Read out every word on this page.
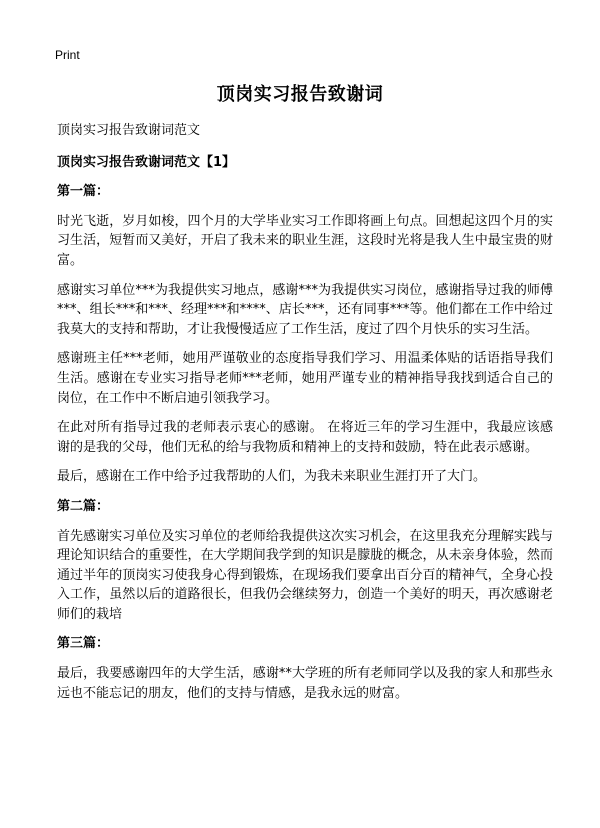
Print
顶岗实习报告致谢词

顶岗实习报告致谢词范文

顶岗实习报告致谢词范文【1】

第一篇：

时光飞逝，岁月如梭，四个月的大学毕业实习工作即将画上句点。回想起这四个月的实习生活，短暂而又美好，开启了我未来的职业生涯，这段时光将是我人生中最宝贵的财富。

感谢实习单位***为我提供实习地点，感谢***为我提供实习岗位，感谢指导过我的师傅***、组长***和***、经理***和****、店长***，还有同事***等。他们都在工作中给过我莫大的支持和帮助，才让我慢慢适应了工作生活，度过了四个月快乐的实习生活。

感谢班主任***老师，她用严谨敬业的态度指导我们学习、用温柔体贴的话语指导我们生活。感谢在专业实习指导老师***老师，她用严谨专业的精神指导我找到适合自己的岗位，在工作中不断启迪引领我学习。

在此对所有指导过我的老师表示衷心的感谢。 在将近三年的学习生涯中，我最应该感谢的是我的父母，他们无私的给与我物质和精神上的支持和鼓励，特在此表示感谢。

最后，感谢在工作中给予过我帮助的人们，为我未来职业生涯打开了大门。

第二篇：

首先感谢实习单位及实习单位的老师给我提供这次实习机会，在这里我充分理解实践与理论知识结合的重要性，在大学期间我学到的知识是朦胧的概念，从未亲身体验，然而通过半年的顶岗实习使我身心得到锻炼，在现场我们要拿出百分百的精神气，全身心投入工作，虽然以后的道路很长，但我仍会继续努力，创造一个美好的明天，再次感谢老师们的栽培

第三篇：

最后，我要感谢四年的大学生活，感谢**大学班的所有老师同学以及我的家人和那些永远也不能忘记的朋友，他们的支持与情感，是我永远的财富。
